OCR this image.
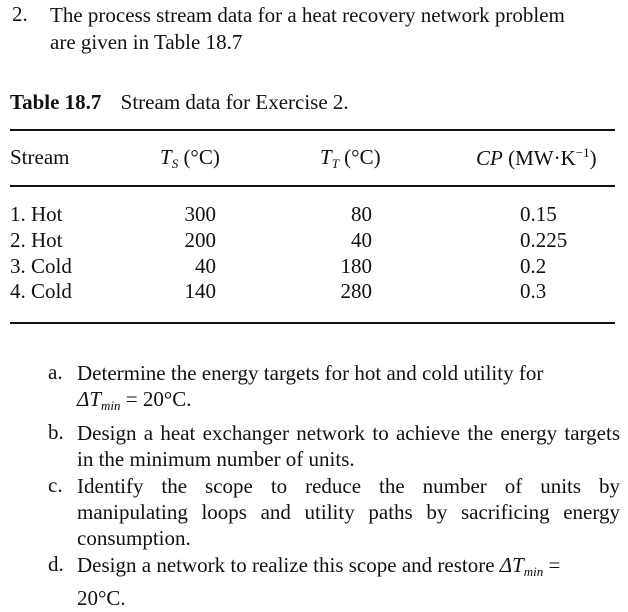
2. The process stream data for a heat recovery network problem
are given in Table 18.7
Table 18.7 Stream data for Exercise 2.
Stream	$T_S$ (°C)	$T_T$ (°C)	CP $(MW\cdot K^{-1})$
1. Hot	300	80	0.15
2. Hot	200	40	0.225
3. Cold	40	180	0.2
4. Cold	140	280	0.3
a. Determine the energy targets for hot and cold utility for
$\Delta T_{min} = 20^\circ C$.
b. Design a heat exchanger network to achieve the energy targets in the minimum number of units.
c. Identify the scope to reduce the number of units by manipulating loops and utility paths by sacrificing energy consumption.
d. Design a network to realize this scope and restore $\Delta T_{min}$ =
20°C.
